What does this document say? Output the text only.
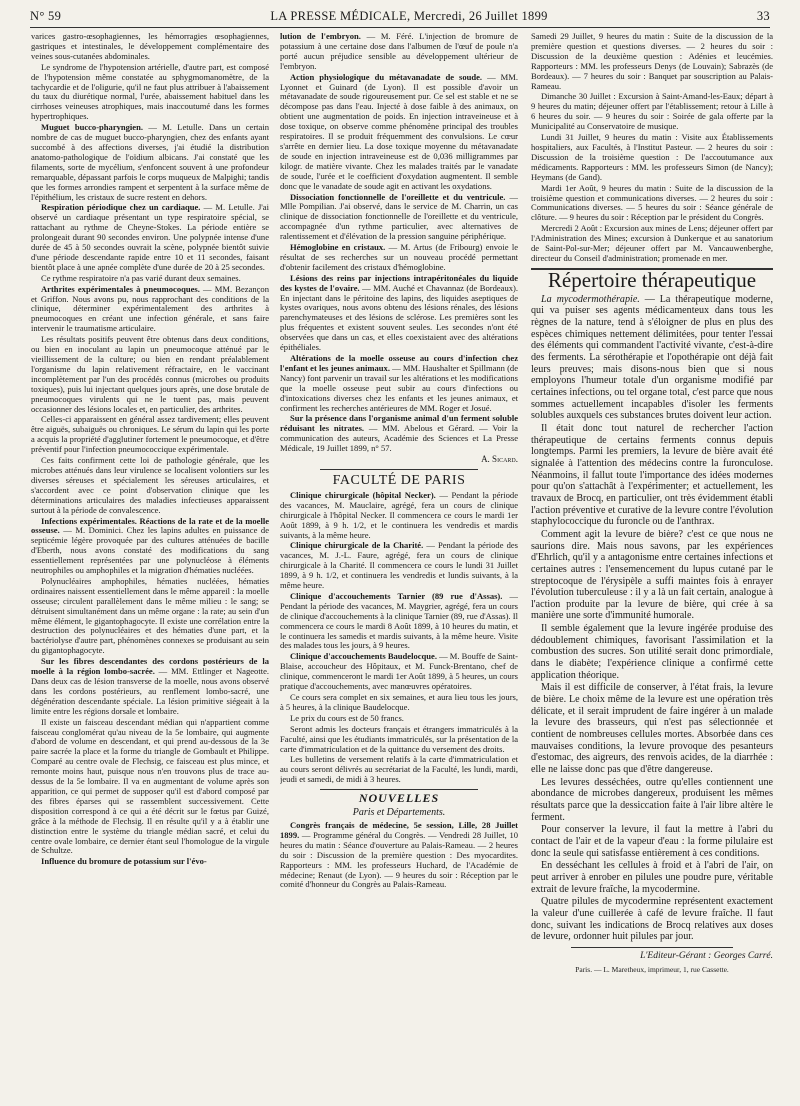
N° 59	LA PRESSE MÉDICALE, Mercredi, 26 Juillet 1899	33

varices gastro-œsophagiennes, les hémorragies œsophagiennes, gastriques et intestinales, le développement complémentaire des veines sous-cutanées abdominales.

Le syndrome de l'hypotension artérielle, d'autre part, est composé de l'hypotension même constatée au sphygmomanomètre, de la tachycardie et de l'oligurie, qu'il ne faut plus attribuer à l'abaissement du taux du diurétique normal, l'urée, abaissement habituel dans les cirrhoses veineuses atrophiques, mais inaccoutumé dans les formes hypertrophiques.

Muguet bucco-pharyngien. — M. Letulle. Dans un certain nombre de cas de muguet bucco-pharyngien, chez des enfants ayant succombé à des affections diverses, j'ai étudié la distribution anatomo-pathologique de l'oïdium albicans. J'ai constaté que les filaments, sorte de mycélium, s'enfoncent souvent à une profondeur remarquable, dépassant parfois le corps muqueux de Malpighi; tandis que les formes arrondies rampent et serpentent à la surface même de l'épithélium, les cristaux de sucre restent en dehors.

Respiration périodique chez un cardiaque. — M. Letulle. J'ai observé un cardiaque présentant un type respiratoire spécial, se rattachant au rythme de Cheyne-Stokes. La période entière se prolongeait durant 90 secondes environ. Une polypnée intense d'une durée de 45 à 50 secondes ouvrait la scène, polypnée bientôt suivie d'une période descendante rapide entre 10 et 11 secondes, faisant bientôt place à une apnée complète d'une durée de 20 à 25 secondes.

Ce rythme respiratoire n'a pas varié durant deux semaines.

Arthrites expérimentales à pneumocoques. — MM. Bezançon et Griffon. Nous avons pu, nous rapprochant des conditions de la clinique, déterminer expérimentalement des arthrites à pneumocoques en créant une infection générale, et sans faire intervenir le traumatisme articulaire.

Les résultats positifs peuvent être obtenus dans deux conditions, ou bien en inoculant au lapin un pneumocoque atténué par le vieillissement de la culture; ou bien en rendant préalablement l'organisme du lapin relativement réfractaire, en le vaccinant incomplètement par l'un des procédés connus (microbes ou produits toxiques), puis lui injectant quelques jours après, une dose brutale de pneumocoques virulents qui ne le tuent pas, mais peuvent occasionner des lésions locales et, en particulier, des arthrites.

Celles-ci apparaissent en général assez tardivement; elles peuvent être aiguës, subaiguës ou chroniques. Le sérum du lapin qui les porte a acquis la propriété d'agglutiner fortement le pneumocoque, et d'être préventif pour l'infection pneumococcique expérimentale.

Ces faits confirment cette loi de pathologie générale, que les microbes atténués dans leur virulence se localisent volontiers sur les diverses séreuses et spécialement les séreuses articulaires, et s'accordent avec ce point d'observation clinique que les déterminations articulaires des maladies infectieuses apparaissent surtout à la période de convalescence.

Infections expérimentales. Réactions de la rate et de la moelle osseuse. — M. Dominici. Chez les lapins adultes en puissance de septicémie légère provoquée par des cultures atténuées de bacille d'Eberth, nous avons constaté des modifications du sang essentiellement représentées par une polynucléose à éléments neutrophiles ou amphophiles et la migration d'hématies nucléées.

Polynucléaires amphophiles, hématies nucléées, hématies ordinaires naissent essentiellement dans le même appareil : la moelle osseuse; circulent parallèlement dans le même milieu : le sang; se détruisent simultanément dans un même organe : la rate; au sein d'un même élément, le gigantophagocyte. Il existe une corrélation entre la destruction des polynucléaires et des hématies d'une part, et la bactériolyse d'autre part, phénomènes connexes se produisant au sein du gigantophagocyte.

Sur les fibres descendantes des cordons postérieurs de la moelle à la région lombo-sacrée. — MM. Ettlinger et Nageotte. Dans deux cas de lésion transverse de la moelle, nous avons observé dans les cordons postérieurs, au renflement lombo-sacré, une dégénération descendante spéciale. La lésion primitive siégeait à la limite entre les régions dorsale et lombaire.

Il existe un faisceau descendant médian qui n'appartient comme faisceau conglomérat qu'au niveau de la 5e lombaire, qui augmente d'abord de volume en descendant, et qui prend au-dessous de la 3e paire sacrée la place et la forme du triangle de Gombault et Philippe. Comparé au centre ovale de Flechsig, ce faisceau est plus mince, et remonte moins haut, puisque nous n'en trouvons plus de trace au-dessus de la 5e lombaire. Il va en augmentant de volume après son apparition, ce qui permet de supposer qu'il est d'abord composé par des fibres éparses qui se rassemblent successivement. Cette disposition correspond à ce qui a été décrit sur le fœtus par Guizé, grâce à la méthode de Flechsig. Il en résulte qu'il y a à établir une distinction entre le système du triangle médian sacré, et celui du centre ovale lombaire, ce dernier étant seul l'homologue de la virgule de Schultze.

Influence du bromure de potassium sur l'évo-

lution de l'embryon. — M. Féré. L'injection de bromure de potassium à une certaine dose dans l'albumen de l'œuf de poule n'a porté aucun préjudice sensible au développement ultérieur de l'embryon.

Action physiologique du métavanadate de soude. — MM. Lyonnet et Guinard (de Lyon). Il est possible d'avoir un métavanadate de soude rigoureusement pur. Ce sel est stable et ne se décompose pas dans l'eau. Injecté à dose faible à des animaux, on obtient une augmentation de poids. En injection intraveineuse et à dose toxique, on observe comme phénomène principal des troubles respiratoires. Il se produit fréquemment des convulsions. Le cœur s'arrête en dernier lieu. La dose toxique moyenne du métavanadate de soude en injection intraveineuse est de 0,036 milligrammes par kilogr. de matière vivante. Chez les malades traités par le vanadate de soude, l'urée et le coefficient d'oxydation augmentent. Il semble donc que le vanadate de soude agit en activant les oxydations.

Dissociation fonctionnelle de l'oreillette et du ventricule. — Mlle Pompilian. J'ai observé, dans le service de M. Charrin, un cas clinique de dissociation fonctionnelle de l'oreillette et du ventricule, accompagnée d'un rythme particulier, avec alternatives de ralentissement et d'élévation de la pression sanguine périphérique.

Hémoglobine en cristaux. — M. Artus (de Fribourg) envoie le résultat de ses recherches sur un nouveau procédé permettant d'obtenir facilement des cristaux d'hémoglobine.

Lésions des reins par injections intrapéritonéales du liquide des kystes de l'ovaire. — MM. Auché et Chavannaz (de Bordeaux). En injectant dans le péritoine des lapins, des liquides aseptiques de kystes ovariques, nous avons obtenu des lésions rénales, des lésions parenchymateuses et des lésions de sclérose. Les premières sont les plus fréquentes et existent souvent seules. Les secondes n'ont été observées que dans un cas, et elles coexistaient avec des altérations épithéliales.

Altérations de la moelle osseuse au cours d'infection chez l'enfant et les jeunes animaux. — MM. Haushalter et Spillmann (de Nancy) font parvenir un travail sur les altérations et les modifications que la moelle osseuse peut subir au cours d'infections ou d'intoxications diverses chez les enfants et les jeunes animaux, et confirment les recherches antérieures de MM. Roger et Josué.

Sur la présence dans l'organisme animal d'un ferment soluble réduisant les nitrates. — MM. Abelous et Gérard. — Voir la communication des auteurs, Académie des Sciences et La Presse Médicale, 19 Juillet 1899, n° 57.

A. Sicard.
FACULTÉ DE PARIS

Clinique chirurgicale (hôpital Necker). — Pendant la période des vacances, M. Mauclaire, agrégé, fera un cours de clinique chirurgicale à l'hôpital Necker. Il commencera ce cours le mardi 1er Août 1899, à 9 h. 1/2, et le continuera les vendredis et mardis suivants, à la même heure.

Clinique chirurgicale de la Charité. — Pendant la période des vacances, M. J.-L. Faure, agrégé, fera un cours de clinique chirurgicale à la Charité. Il commencera ce cours le lundi 31 Juillet 1899, à 9 h. 1/2, et continuera les vendredis et lundis suivants, à la même heure.

Clinique d'accouchements Tarnier (89 rue d'Assas). — Pendant la période des vacances, M. Maygrier, agrégé, fera un cours de clinique d'accouchements à la clinique Tarnier (89, rue d'Assas). Il commencera ce cours le mardi 8 Août 1899, à 10 heures du matin, et le continuera les samedis et mardis suivants, à la même heure. Visite des malades tous les jours, à 9 heures.

Clinique d'accouchements Baudelocque. — M. Bouffe de Saint-Blaise, accoucheur des Hôpitaux, et M. Funck-Brentano, chef de clinique, commenceront le mardi 1er Août 1899, à 5 heures, un cours pratique d'accouchements, avec manœuvres opératoires.

Ce cours sera complet en six semaines, et aura lieu tous les jours, à 5 heures, à la clinique Baudelocque.

Le prix du cours est de 50 francs.

Seront admis les docteurs français et étrangers immatriculés à la Faculté, ainsi que les étudiants immatriculés, sur la présentation de la carte d'immatriculation et de la quittance du versement des droits.

Les bulletins de versement relatifs à la carte d'immatriculation et au cours seront délivrés au secrétariat de la Faculté, les lundi, mardi, jeudi et samedi, de midi à 3 heures.

NOUVELLES
Paris et Départements.

Congrès français de médecine, 5e session, Lille, 28 Juillet 1899. — Programme général du Congrès. — Vendredi 28 Juillet, 10 heures du matin : Séance d'ouverture au Palais-Rameau. — 2 heures du soir : Discussion de la première question : Des myocardites. Rapporteurs : MM. les professeurs Huchard, de l'Académie de médecine; Renaut (de Lyon). — 9 heures du soir : Réception par le comité d'honneur du Congrès au Palais-Rameau.

Samedi 29 Juillet, 9 heures du matin : Suite de la discussion de la première question et questions diverses. — 2 heures du soir : Discussion de la deuxième question : Adénies et leucémies. Rapporteurs : MM. les professeurs Denys (de Louvain); Sabrazès (de Bordeaux). — 7 heures du soir : Banquet par souscription au Palais-Rameau.

Dimanche 30 Juillet : Excursion à Saint-Amand-les-Eaux; départ à 9 heures du matin; déjeuner offert par l'établissement; retour à Lille à 6 heures du soir. — 9 heures du soir : Soirée de gala offerte par la Municipalité au Conservatoire de musique.

Lundi 31 Juillet, 9 heures du matin : Visite aux Établissements hospitaliers, aux Facultés, à l'Institut Pasteur. — 2 heures du soir : Discussion de la troisième question : De l'accoutumance aux médicaments. Rapporteurs : MM. les professeurs Simon (de Nancy); Heymans (de Gand).

Mardi 1er Août, 9 heures du matin : Suite de la discussion de la troisième question et communications diverses. — 2 heures du soir : Communications diverses. — 5 heures du soir : Séance générale de clôture. — 9 heures du soir : Réception par le président du Congrès.

Mercredi 2 Août : Excursion aux mines de Lens; déjeuner offert par l'Administration des Mines; excursion à Dunkerque et au sanatorium de Saint-Pol-sur-Mer; déjeuner offert par M. Vancauwenberghe, directeur du Conseil d'administration; promenade en mer.

Répertoire thérapeutique

La mycodermothérapie. — La thérapeutique moderne, qui va puiser ses agents médicamenteux dans tous les règnes de la nature, tend à s'éloigner de plus en plus des espèces chimiques nettement délimitées, pour tenter l'essai des éléments qui commandent l'activité vivante, c'est-à-dire des ferments. La sérothérapie et l'opothérapie ont déjà fait leurs preuves; mais disons-nous bien que si nous employons l'humeur totale d'un organisme modifié par certaines infections, ou tel organe total, c'est parce que nous sommes actuellement incapables d'isoler les ferments solubles auxquels ces substances brutes doivent leur action.

Il était donc tout naturel de rechercher l'action thérapeutique de certains ferments connus depuis longtemps. Parmi les premiers, la levure de bière avait été signalée à l'attention des médecins contre la furonculose. Néanmoins, il fallut toute l'importance des idées modernes pour qu'on s'attachât à l'expérimenter; et actuellement, les travaux de Brocq, en particulier, ont très évidemment établi l'action préventive et curative de la levure contre l'évolution staphylococcique du furoncle ou de l'anthrax.

Comment agit la levure de bière? c'est ce que nous ne saurions dire. Mais nous savons, par les expériences d'Ehrlich, qu'il y a antagonisme entre certaines infections et certaines autres : l'ensemencement du lupus cutané par le streptocoque de l'érysipèle a suffi maintes fois à enrayer l'évolution tuberculeuse : il y a là un fait certain, analogue à l'action produite par la levure de bière, qui crée à sa manière une sorte d'immunité humorale.

Il semble également que la levure ingérée produise des dédoublement chimiques, favorisant l'assimilation et la combustion des sucres. Son utilité serait donc primordiale, dans le diabète; l'expérience clinique a confirmé cette application théorique.

Mais il est difficile de conserver, à l'état frais, la levure de bière. Le choix même de la levure est une opération très délicate, et il serait imprudent de faire ingérer à un malade la levure des brasseurs, qui n'est pas sélectionnée et contient de nombreuses cellules mortes. Absorbée dans ces mauvaises conditions, la levure provoque des pesanteurs d'estomac, des aigreurs, des renvois acides, de la diarrhée : elle ne laisse donc pas que d'être dangereuse.

Les levures desséchées, outre qu'elles contiennent une abondance de microbes dangereux, produisent les mêmes résultats parce que la dessiccation faite à l'air libre altère le ferment.

Pour conserver la levure, il faut la mettre à l'abri du contact de l'air et de la vapeur d'eau : la forme pilulaire est donc la seule qui satisfasse entièrement à ces conditions.

En desséchant les cellules à froid et à l'abri de l'air, on peut arriver à enrober en pilules une poudre pure, véritable extrait de levure fraîche, la mycodermine.

Quatre pilules de mycodermine représentent exactement la valeur d'une cuillerée à café de levure fraîche. Il faut donc, suivant les indications de Brocq relatives aux doses de levure, ordonner huit pilules par jour.

L'Editeur-Gérant : Georges Carré.
Paris. — L. Maretheux, imprimeur, 1, rue Cassette.
